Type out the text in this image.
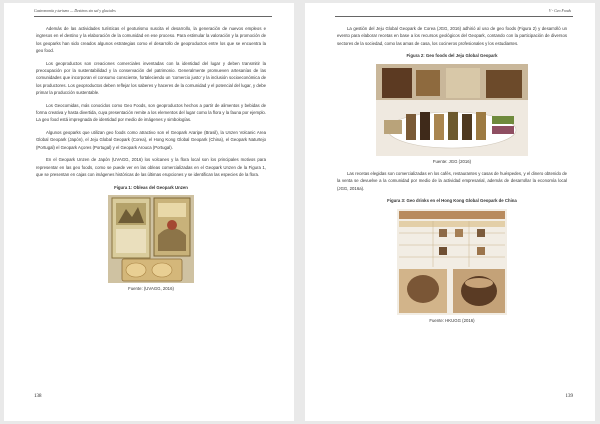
Gastronomía y turismo — Destinos sin sal y glaciales

Además de las actividades turísticas el geoturismo suscita el desarrollo, la generación de nuevos empleos e ingresos en el destino y la elaboración de la comunidad en ese proceso. Para estimular la valoración y la promoción de los geoparks han sido creados algunos estrategias como el desarrollo de geoproductos entre los que se encuentra la geo food.

Los geoproductos son creaciones comerciales inventadas con la identidad del lugar y deben transmitir la preocupación por la sustentabilidad y la conservación del patrimonio. Generalmente promueven artesanías de las comunidades que incorporan el consumo consciente, fortaleciendo un ‘comercio justo’ y la inclusión socioeconómica de los productores. Los geoproductos deben reflejar los saberes y haceres de la comunidad y el potencial del lugar, y debe primar la producción sustentable.

Los Geocomidas, más conocidos como Geo Foods, son geoproductos hechos a partir de alimentos y bebidas de forma creativa y hasta divertida, cuya presentación remite a los elementos del lugar como la flora y la fauna por ejemplo. La geo food está impregnada de identidad por medio de imágenes y simbologías.

Algunos geoparks que utilizan geo foods como atractivo son el Geopark Araripe (Brasil), la Unzen Volcanic Area Global Geopark (Japón), el Jeju Global Geopark (Corea), el Hong Kong Global Geopark (China), el Geopark Naturtejo (Portugal) el Geopark Açores (Portugal) y el Geopark Arouca (Portugal).

En el Geopark Unzen de Japón (UVAGG, 2016) los volcanes y la flora local son los principales motivos para representar en las geo foods, como se puede ver en las obleas comercializadas en el Geopark Unzen de la Figura 1, que se presentan en cajas con imágenes históricas de las últimas erupciones y se identifican las especies de la flora.

Figura 1: Obleas del Geopark Unzen
Fuente: (UVAGG, 2016)
138
V - Geo Foods

La gestión del Jeju Global Geopark de Corea (JGG, 2016) adhirió al uso de geo foods (Figura 2) y desarrolló un evento para elaborar recetas en base a los recursos geológicos del Geopark, contando con la participación de diversos sectores de la sociedad, como las amas de casa, los cocineros profesionales y los estudiantes.

Figura 2: Geo foods del Jeju Global Geopark
Fuente: JGG (2016)

Las recetas elegidas son comercializadas en los cafés, restaurantes y casas de huéspedes, y el dinero obtenido de la venta se devuelve a la comunidad por medio de la actividad empresarial, además de desarrollar la economía local (JGG, 2016a).

Figura 3: Geo drinks en el Hong Kong Global Geopark de China
Fuente: HKUGG (2016)
139
